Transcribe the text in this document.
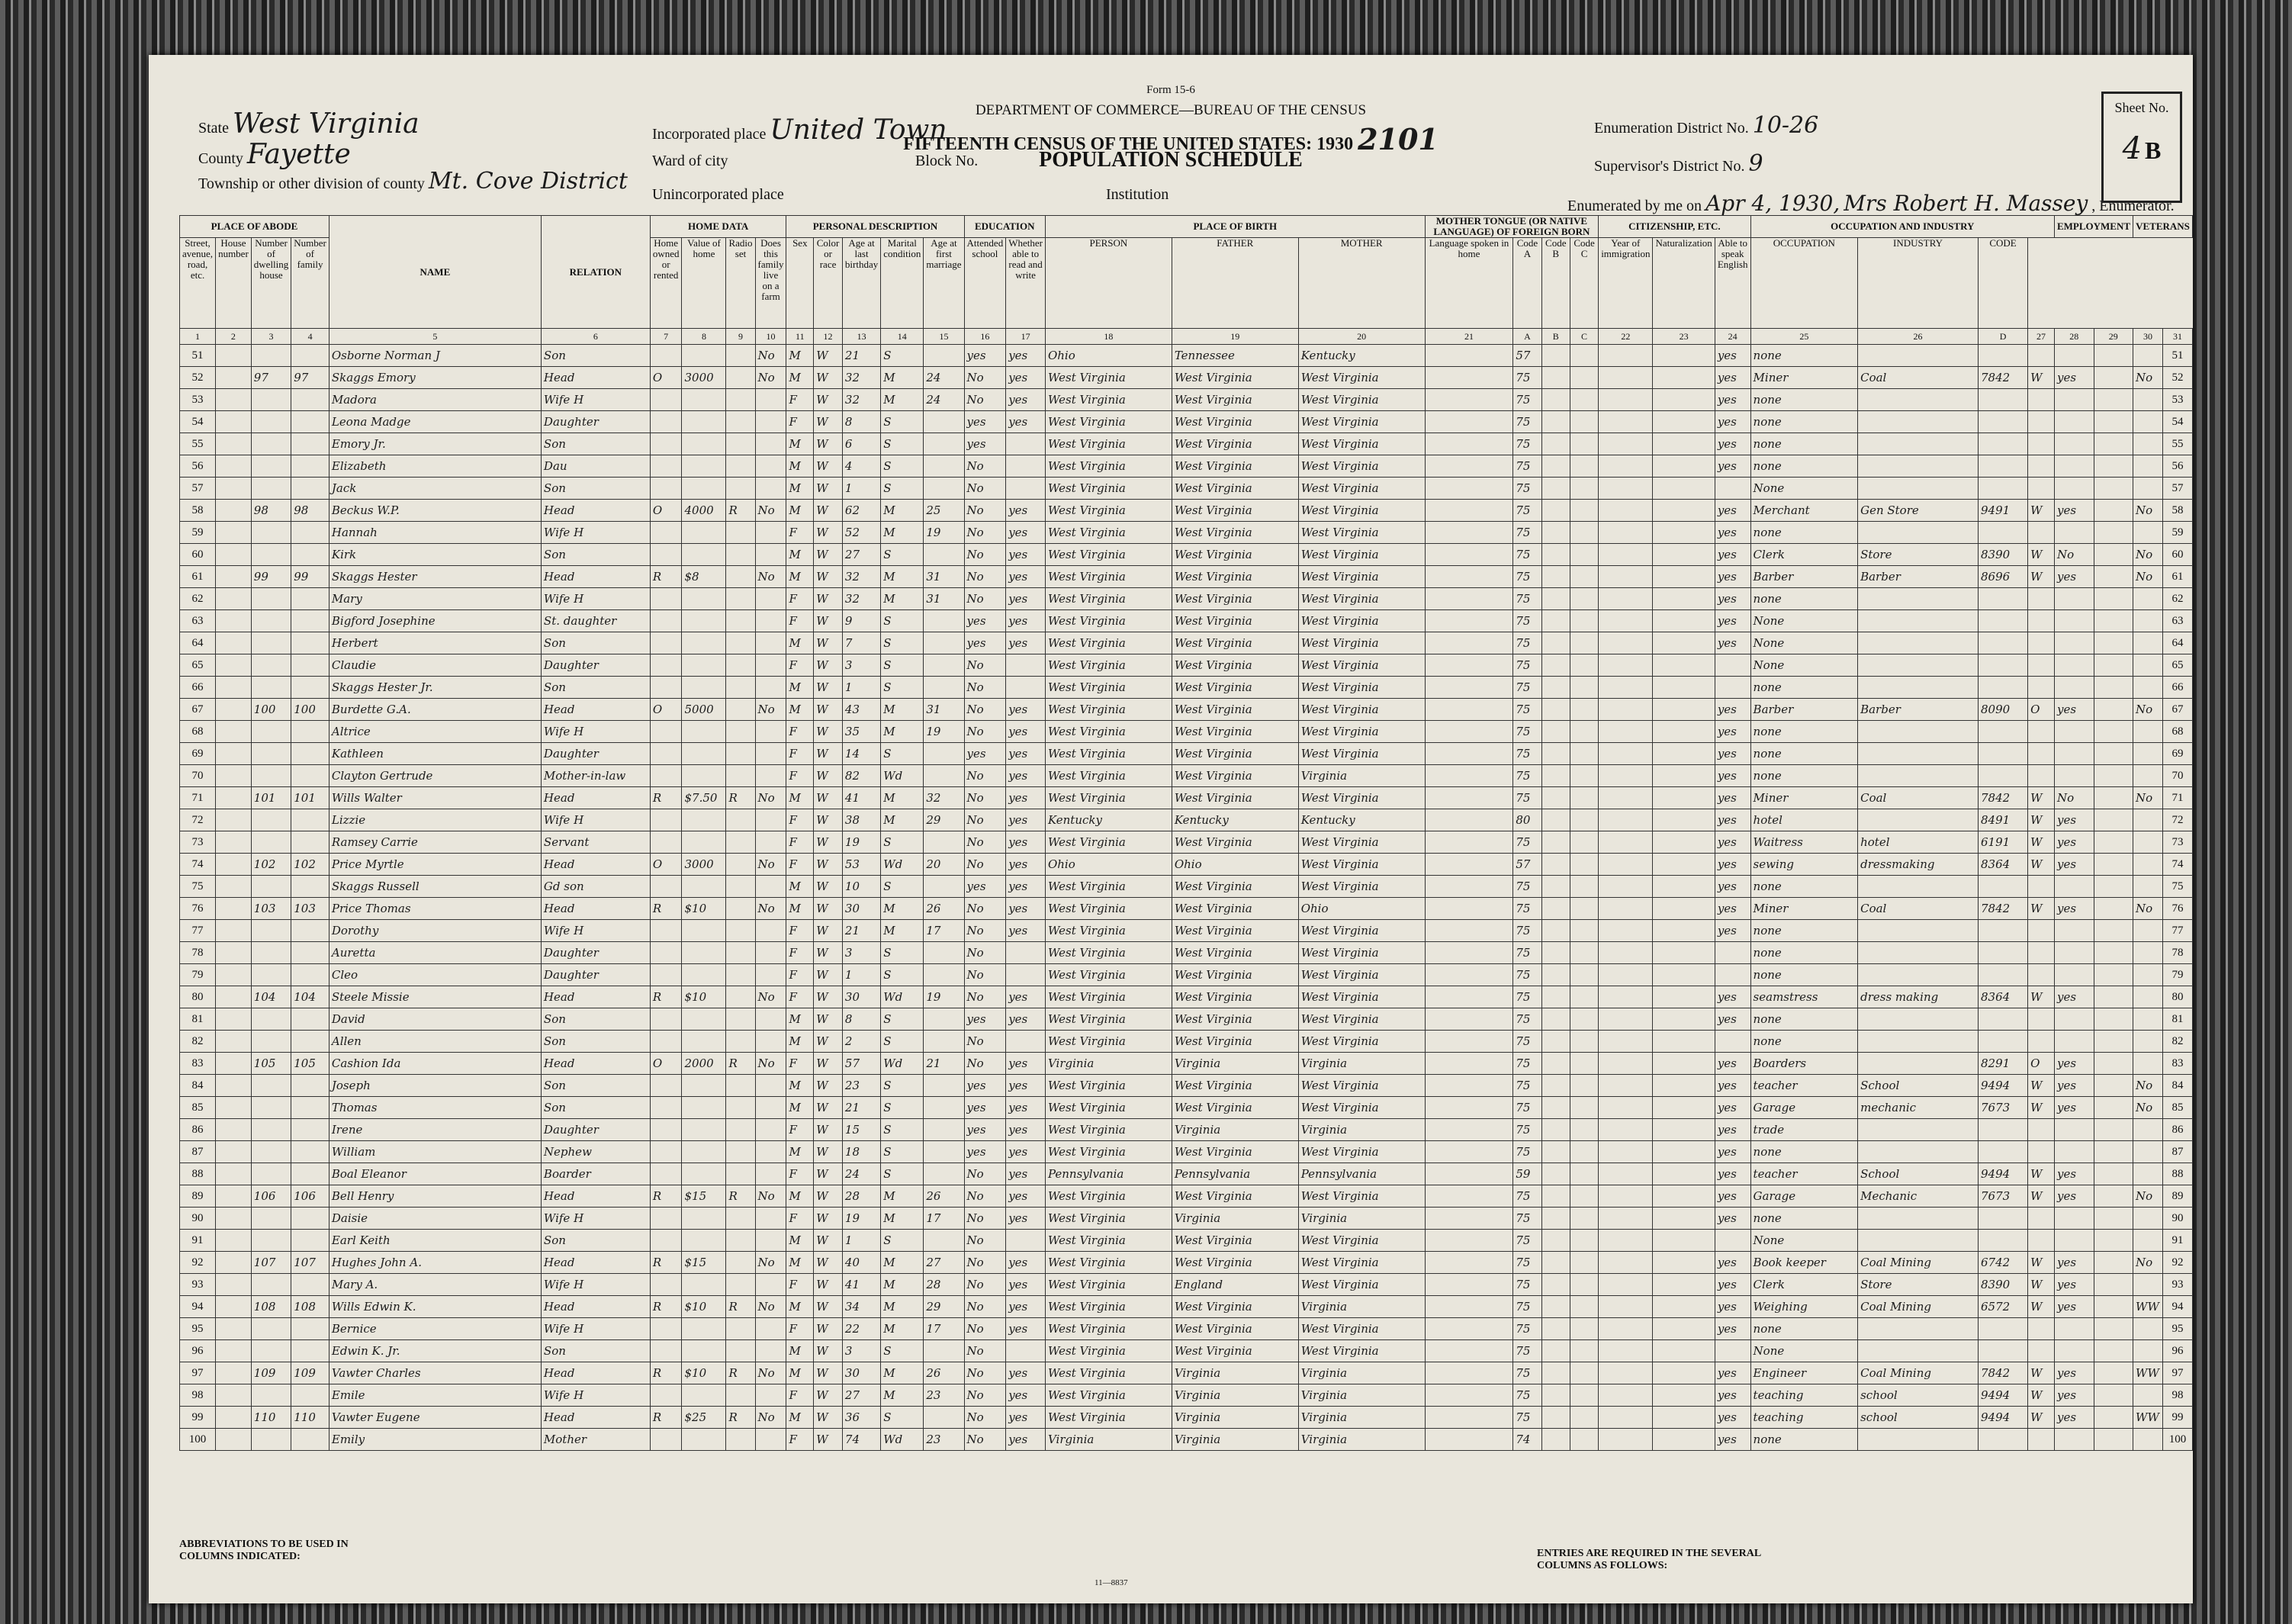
State West Virginia
County Fayette
Township or other division of county Mt. Cove District
Incorporated place United Town
Ward of city	Block No.
Unincorporated place	Institution
Form 15-6
DEPARTMENT OF COMMERCE—BUREAU OF THE CENSUS
FIFTEENTH CENSUS OF THE UNITED STATES: 1930 2101
POPULATION SCHEDULE
Enumeration District No. 10-26
Supervisor's District No. 9
Enumerated by me on Apr 4, 1930, Mrs Robert H. Massey , Enumerator.
Sheet No.
4 B
PLACE OF ABODE				NAME	RELATION	HOME DATA				PERSONAL DESCRIPTION					EDUCATION		PLACE OF BIRTH			MOTHER TONGUE (OR NATIVE LANGUAGE) OF FOREIGN BORN				CITIZENSHIP, ETC.			OCCUPATION AND INDUSTRY				EMPLOYMENT		VETERANS	
Street, avenue, road, etc.	House number	Number of dwelling house	Number of family			Home owned or rented	Value of home	Radio set	Does this family live on a farm	Sex	Color or race	Age at last birthday	Marital condition	Age at first marriage	Attended school	Whether able to read and write	PERSON	FATHER	MOTHER	Language spoken in home	Code A	Code B	Code C	Year of immigration	Naturalization	Able to speak English	OCCUPATION	INDUSTRY	CODE					
1	2	3	4	5	6	7	8	9	10	11	12	13	14	15	16	17	18	19	20	21	A	B	C	22	23	24	25	26	D	27	28	29	30	31
51				Osborne Norman J	Son				No	M	W	21	S		yes	yes	Ohio	Tennessee	Kentucky		57					yes	none							51
52		97	97	Skaggs Emory	Head	O	3000		No	M	W	32	M	24	No	yes	West Virginia	West Virginia	West Virginia		75					yes	Miner	Coal	7842	W	yes		No	52
53				Madora	Wife H					F	W	32	M	24	No	yes	West Virginia	West Virginia	West Virginia		75					yes	none							53
54				Leona Madge	Daughter					F	W	8	S		yes	yes	West Virginia	West Virginia	West Virginia		75					yes	none							54
55				Emory Jr.	Son					M	W	6	S		yes		West Virginia	West Virginia	West Virginia		75					yes	none							55
56				Elizabeth	Dau					M	W	4	S		No		West Virginia	West Virginia	West Virginia		75					yes	none							56
57				Jack	Son					M	W	1	S		No		West Virginia	West Virginia	West Virginia		75						None							57
58		98	98	Beckus W.P.	Head	O	4000	R	No	M	W	62	M	25	No	yes	West Virginia	West Virginia	West Virginia		75					yes	Merchant	Gen Store	9491	W	yes		No	58
59				Hannah	Wife H					F	W	52	M	19	No	yes	West Virginia	West Virginia	West Virginia		75					yes	none							59
60				Kirk	Son					M	W	27	S		No	yes	West Virginia	West Virginia	West Virginia		75					yes	Clerk	Store	8390	W	No		No	60
61		99	99	Skaggs Hester	Head	R	$8		No	M	W	32	M	31	No	yes	West Virginia	West Virginia	West Virginia		75					yes	Barber	Barber	8696	W	yes		No	61
62				Mary	Wife H					F	W	32	M	31	No	yes	West Virginia	West Virginia	West Virginia		75					yes	none							62
63				Bigford Josephine	St. daughter					F	W	9	S		yes	yes	West Virginia	West Virginia	West Virginia		75					yes	None							63
64				Herbert	Son					M	W	7	S		yes	yes	West Virginia	West Virginia	West Virginia		75					yes	None							64
65				Claudie	Daughter					F	W	3	S		No		West Virginia	West Virginia	West Virginia		75						None							65
66				Skaggs Hester Jr.	Son					M	W	1	S		No		West Virginia	West Virginia	West Virginia		75						none							66
67		100	100	Burdette G.A.	Head	O	5000		No	M	W	43	M	31	No	yes	West Virginia	West Virginia	West Virginia		75					yes	Barber	Barber	8090	O	yes		No	67
68				Altrice	Wife H					F	W	35	M	19	No	yes	West Virginia	West Virginia	West Virginia		75					yes	none							68
69				Kathleen	Daughter					F	W	14	S		yes	yes	West Virginia	West Virginia	West Virginia		75					yes	none							69
70				Clayton Gertrude	Mother-in-law					F	W	82	Wd		No	yes	West Virginia	West Virginia	Virginia		75					yes	none							70
71		101	101	Wills Walter	Head	R	$7.50	R	No	M	W	41	M	32	No	yes	West Virginia	West Virginia	West Virginia		75					yes	Miner	Coal	7842	W	No		No	71
72				Lizzie	Wife H					F	W	38	M	29	No	yes	Kentucky	Kentucky	Kentucky		80					yes	hotel		8491	W	yes			72
73				Ramsey Carrie	Servant					F	W	19	S		No	yes	West Virginia	West Virginia	West Virginia		75					yes	Waitress	hotel	6191	W	yes			73
74		102	102	Price Myrtle	Head	O	3000		No	F	W	53	Wd	20	No	yes	Ohio	Ohio	West Virginia		57					yes	sewing	dressmaking	8364	W	yes			74
75				Skaggs Russell	Gd son					M	W	10	S		yes	yes	West Virginia	West Virginia	West Virginia		75					yes	none							75
76		103	103	Price Thomas	Head	R	$10		No	M	W	30	M	26	No	yes	West Virginia	West Virginia	Ohio		75					yes	Miner	Coal	7842	W	yes		No	76
77				Dorothy	Wife H					F	W	21	M	17	No	yes	West Virginia	West Virginia	West Virginia		75					yes	none							77
78				Auretta	Daughter					F	W	3	S		No		West Virginia	West Virginia	West Virginia		75						none							78
79				Cleo	Daughter					F	W	1	S		No		West Virginia	West Virginia	West Virginia		75						none							79
80		104	104	Steele Missie	Head	R	$10		No	F	W	30	Wd	19	No	yes	West Virginia	West Virginia	West Virginia		75					yes	seamstress	dress making	8364	W	yes			80
81				David	Son					M	W	8	S		yes	yes	West Virginia	West Virginia	West Virginia		75					yes	none							81
82				Allen	Son					M	W	2	S		No		West Virginia	West Virginia	West Virginia		75						none							82
83		105	105	Cashion Ida	Head	O	2000	R	No	F	W	57	Wd	21	No	yes	Virginia	Virginia	Virginia		75					yes	Boarders		8291	O	yes			83
84				Joseph	Son					M	W	23	S		yes	yes	West Virginia	West Virginia	West Virginia		75					yes	teacher	School	9494	W	yes		No	84
85				Thomas	Son					M	W	21	S		yes	yes	West Virginia	West Virginia	West Virginia		75					yes	Garage	mechanic	7673	W	yes		No	85
86				Irene	Daughter					F	W	15	S		yes	yes	West Virginia	Virginia	Virginia		75					yes	trade							86
87				William	Nephew					M	W	18	S		yes	yes	West Virginia	West Virginia	West Virginia		75					yes	none							87
88				Boal Eleanor	Boarder					F	W	24	S		No	yes	Pennsylvania	Pennsylvania	Pennsylvania		59					yes	teacher	School	9494	W	yes			88
89		106	106	Bell Henry	Head	R	$15	R	No	M	W	28	M	26	No	yes	West Virginia	West Virginia	West Virginia		75					yes	Garage	Mechanic	7673	W	yes		No	89
90				Daisie	Wife H					F	W	19	M	17	No	yes	West Virginia	Virginia	Virginia		75					yes	none							90
91				Earl Keith	Son					M	W	1	S		No		West Virginia	West Virginia	West Virginia		75						None							91
92		107	107	Hughes John A.	Head	R	$15		No	M	W	40	M	27	No	yes	West Virginia	West Virginia	West Virginia		75					yes	Book keeper	Coal Mining	6742	W	yes		No	92
93				Mary A.	Wife H					F	W	41	M	28	No	yes	West Virginia	England	West Virginia		75					yes	Clerk	Store	8390	W	yes			93
94		108	108	Wills Edwin K.	Head	R	$10	R	No	M	W	34	M	29	No	yes	West Virginia	West Virginia	Virginia		75					yes	Weighing	Coal Mining	6572	W	yes		WW	94
95				Bernice	Wife H					F	W	22	M	17	No	yes	West Virginia	West Virginia	West Virginia		75					yes	none							95
96				Edwin K. Jr.	Son					M	W	3	S		No		West Virginia	West Virginia	West Virginia		75						None							96
97		109	109	Vawter Charles	Head	R	$10	R	No	M	W	30	M	26	No	yes	West Virginia	Virginia	Virginia		75					yes	Engineer	Coal Mining	7842	W	yes		WW	97
98				Emile	Wife H					F	W	27	M	23	No	yes	West Virginia	Virginia	Virginia		75					yes	teaching	school	9494	W	yes			98
99		110	110	Vawter Eugene	Head	R	$25	R	No	M	W	36	S		No	yes	West Virginia	Virginia	Virginia		75					yes	teaching	school	9494	W	yes		WW	99
100				Emily	Mother					F	W	74	Wd	23	No	yes	Virginia	Virginia	Virginia		74					yes	none							100
ABBREVIATIONS TO BE USED IN COLUMNS INDICATED:	ENTRIES ARE REQUIRED IN THE SEVERAL COLUMNS AS FOLLOWS:
11—8837
